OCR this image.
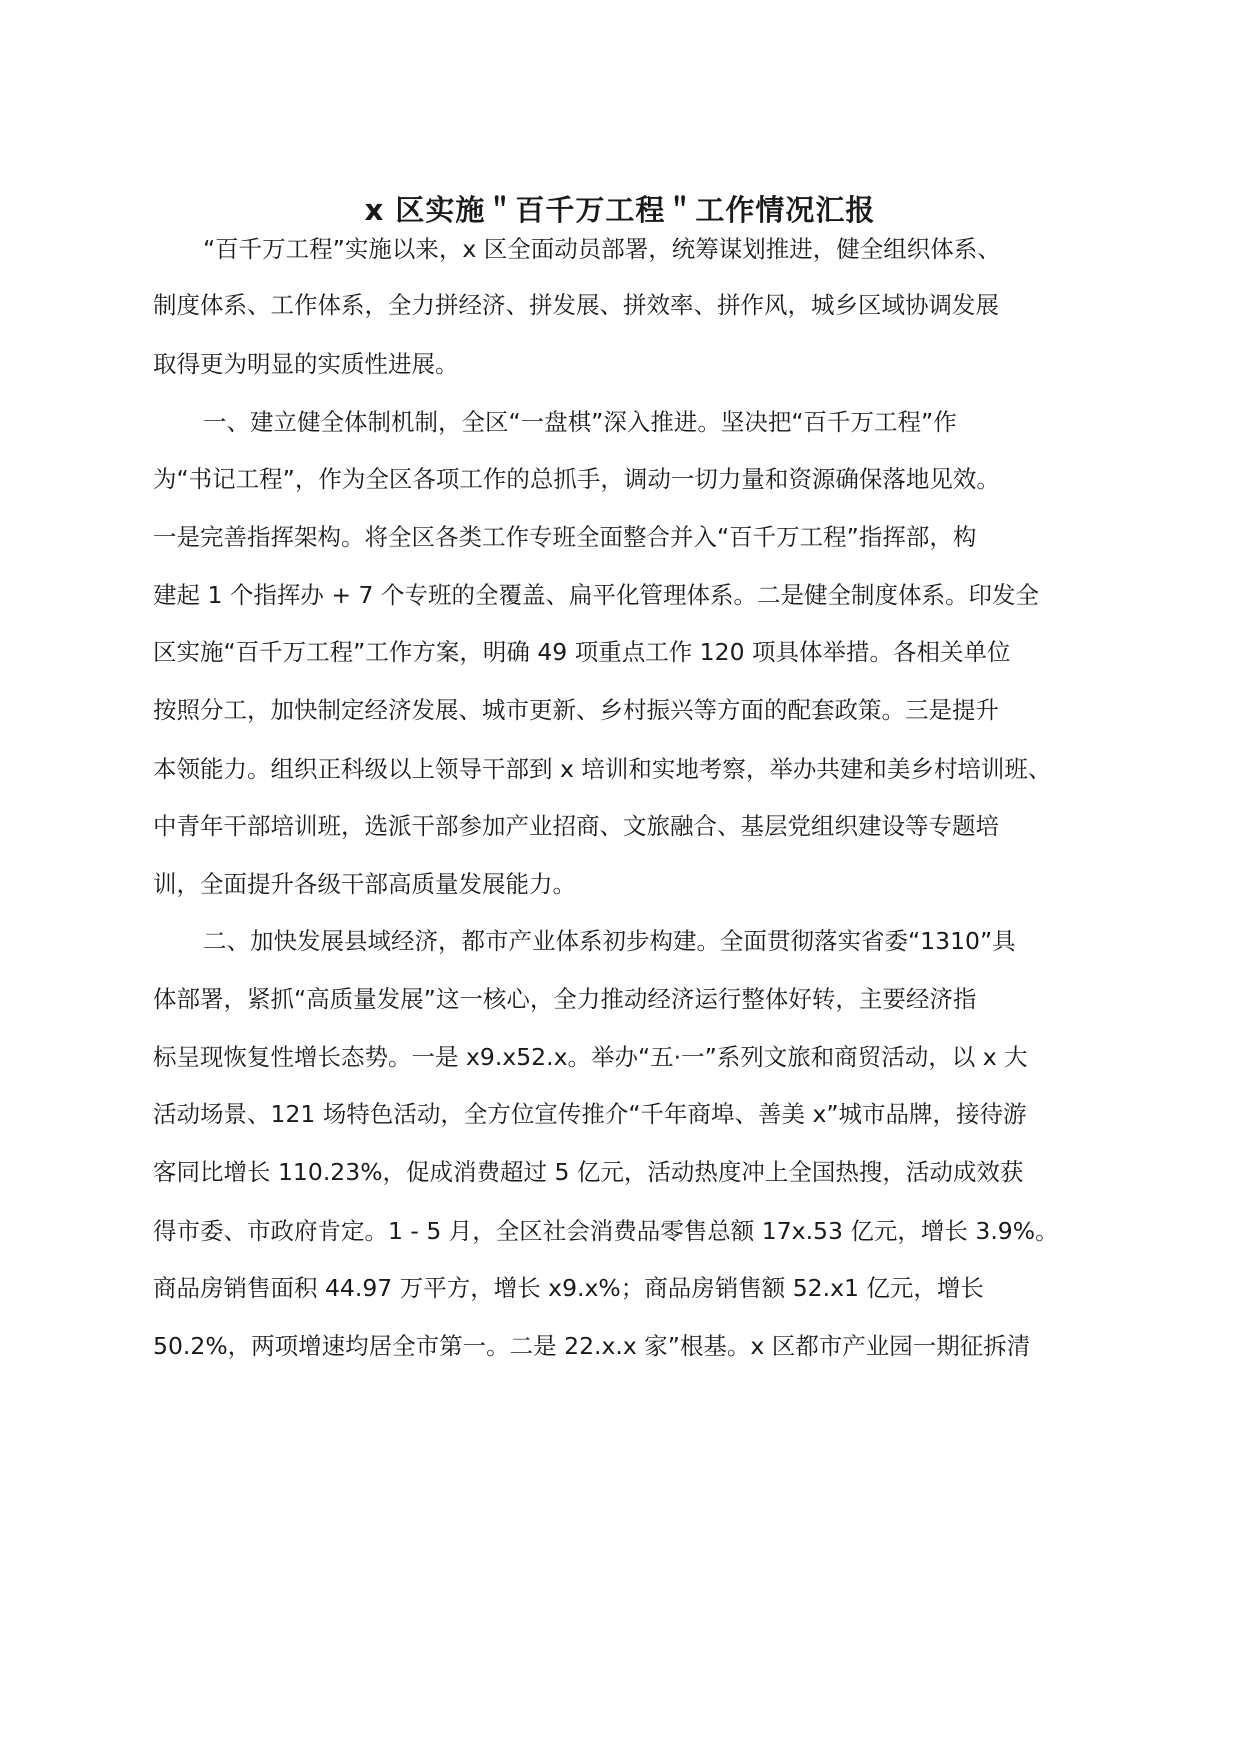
x 区实施＂百千万工程＂工作情况汇报
“百千万工程”实施以来，x 区全面动员部署，统筹谋划推进，健全组织体系、
制度体系、工作体系，全力拼经济、拼发展、拼效率、拼作风，城乡区域协调发展
取得更为明显的实质性进展。
一、建立健全体制机制，全区“一盘棋”深入推进。坚决把“百千万工程”作
为“书记工程”，作为全区各项工作的总抓手，调动一切力量和资源确保落地见效。
一是完善指挥架构。将全区各类工作专班全面整合并入“百千万工程”指挥部，构
建起 1 个指挥办 + 7 个专班的全覆盖、扁平化管理体系。二是健全制度体系。印发全
区实施“百千万工程”工作方案，明确 49 项重点工作 120 项具体举措。各相关单位
按照分工，加快制定经济发展、城市更新、乡村振兴等方面的配套政策。三是提升
本领能力。组织正科级以上领导干部到 x 培训和实地考察，举办共建和美乡村培训班、
中青年干部培训班，选派干部参加产业招商、文旅融合、基层党组织建设等专题培
训，全面提升各级干部高质量发展能力。
二、加快发展县域经济，都市产业体系初步构建。全面贯彻落实省委“1310”具
体部署，紧抓“高质量发展”这一核心，全力推动经济运行整体好转，主要经济指
标呈现恢复性增长态势。一是 x9.x52.x。举办“五·一”系列文旅和商贸活动，以 x 大
活动场景、121 场特色活动，全方位宣传推介“千年商埠、善美 x”城市品牌，接待游
客同比增长 110.23%，促成消费超过 5 亿元，活动热度冲上全国热搜，活动成效获
得市委、市政府肯定。1 - 5 月，全区社会消费品零售总额 17x.53 亿元，增长 3.9%。
商品房销售面积 44.97 万平方，增长 x9.x%；商品房销售额 52.x1 亿元，增长
50.2%，两项增速均居全市第一。二是 22.x.x 家”根基。x 区都市产业园一期征拆清
